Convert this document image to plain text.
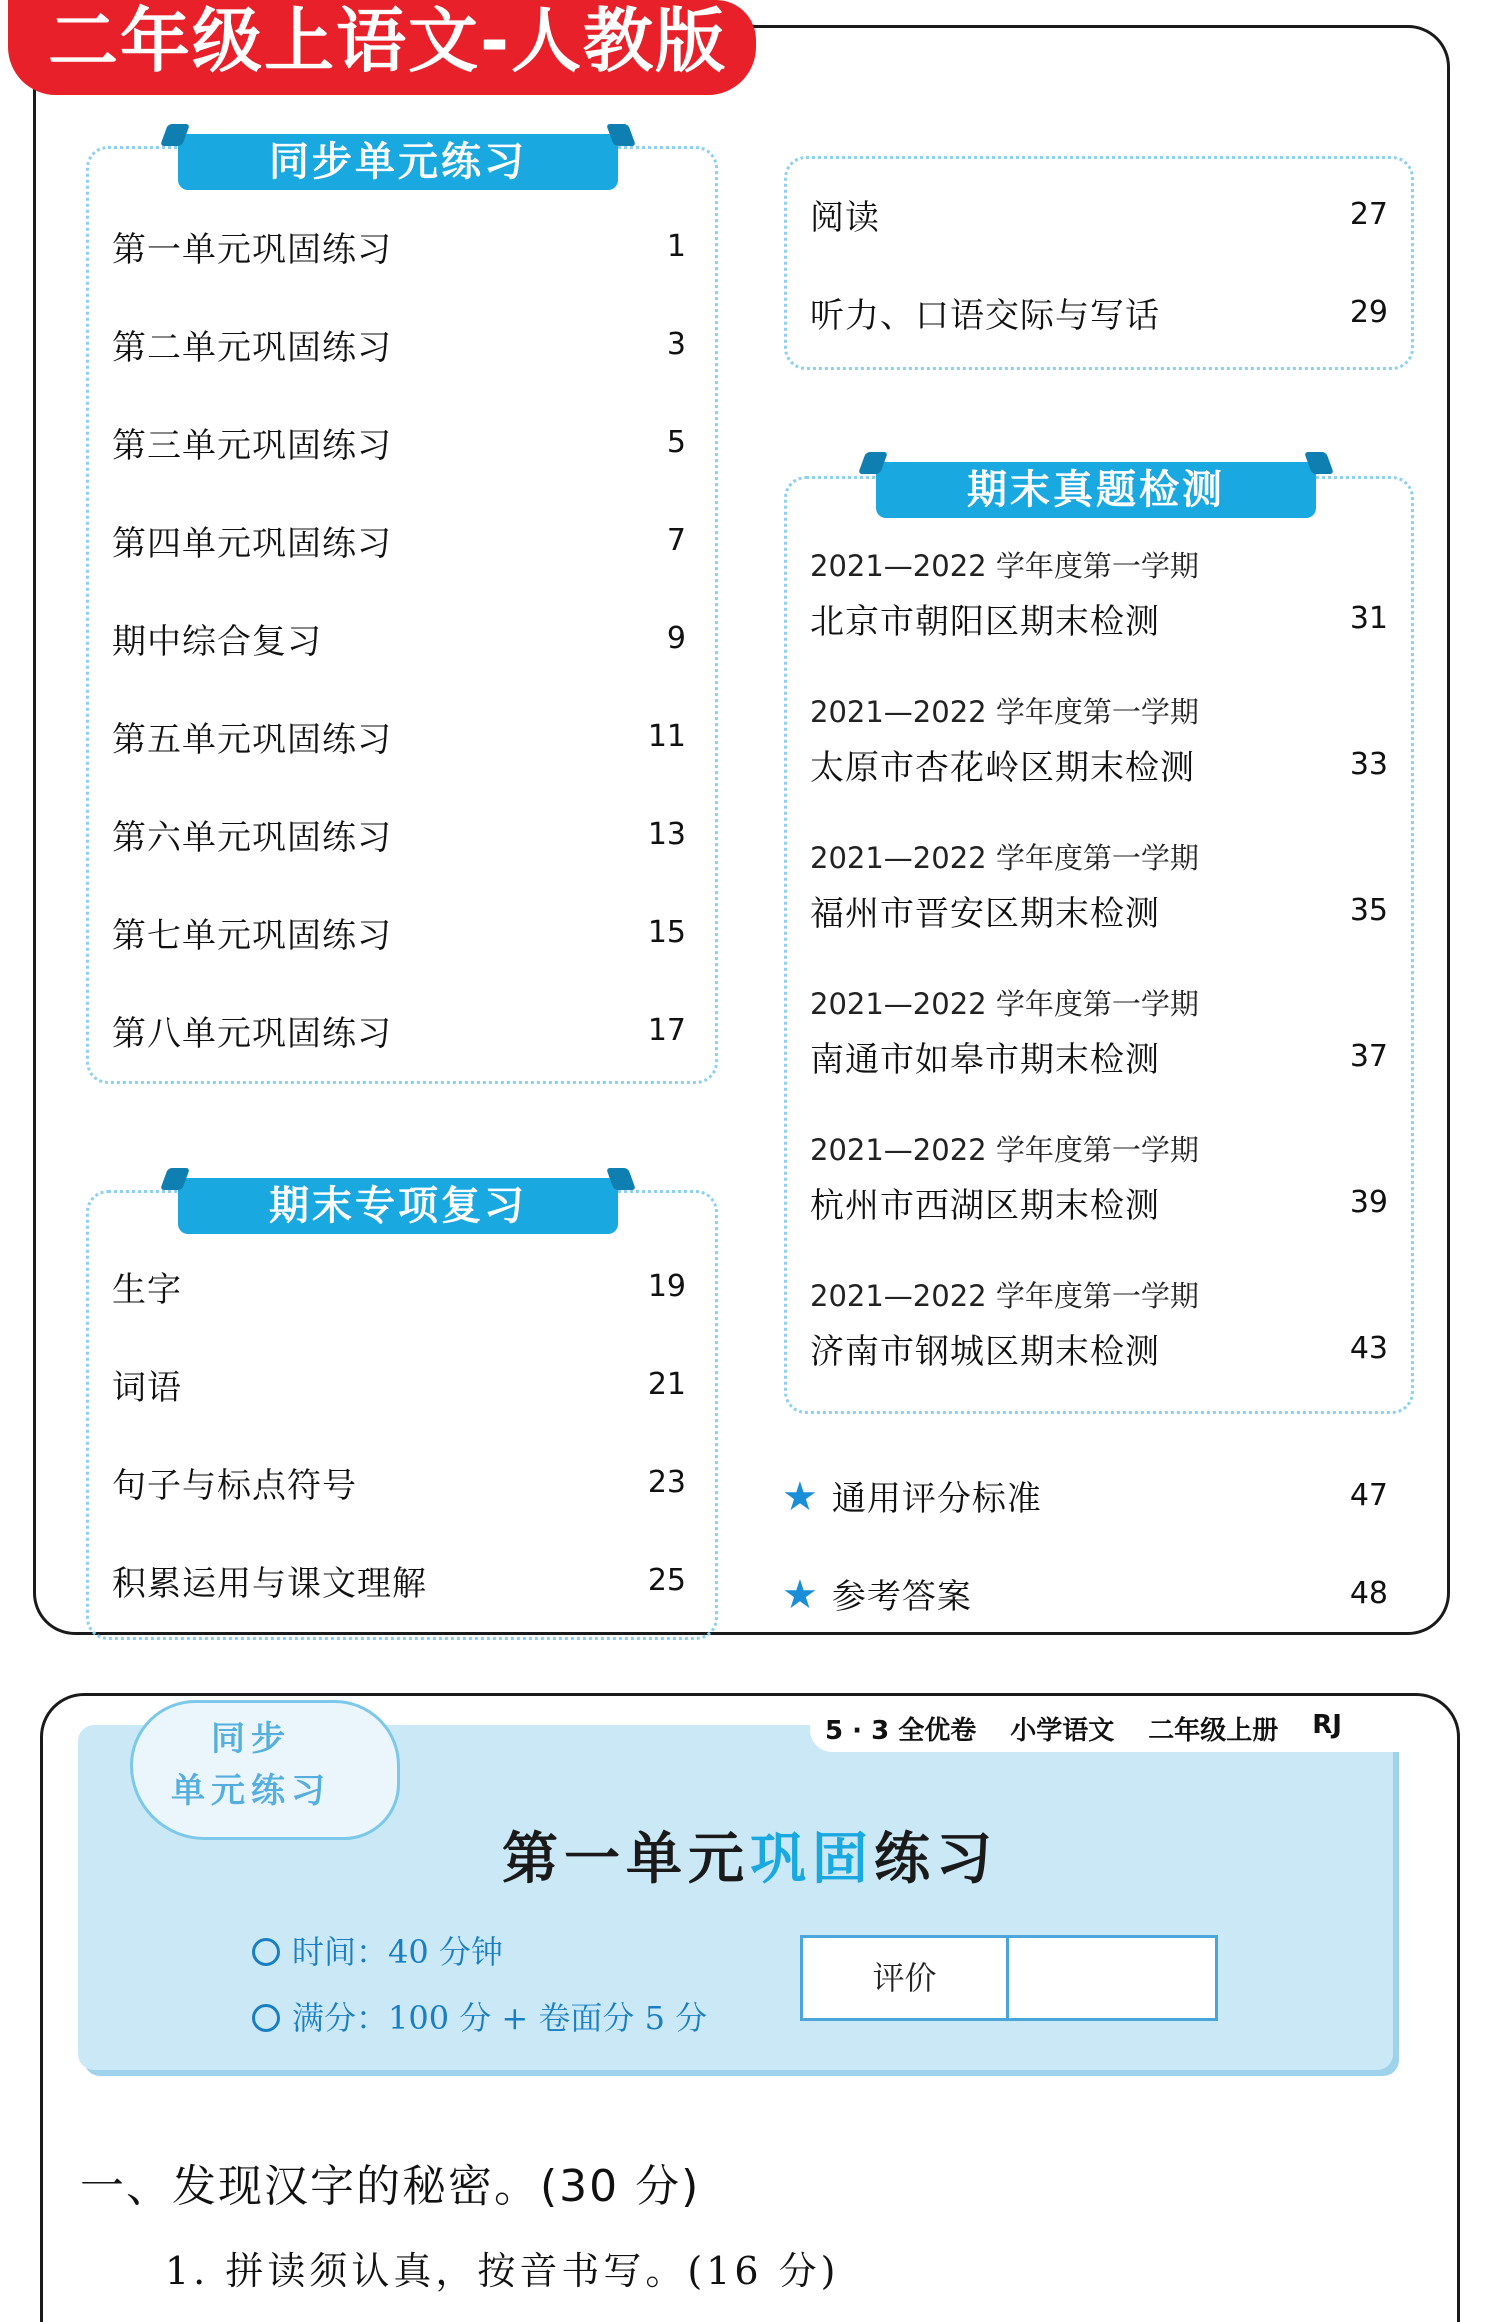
二年级上语文-人教版
同步单元练习
第一单元巩固练习	1
第二单元巩固练习	3
第三单元巩固练习	5
第四单元巩固练习	7
期中综合复习	9
第五单元巩固练习	11
第六单元巩固练习	13
第七单元巩固练习	15
第八单元巩固练习	17
期末专项复习
生字	19
词语	21
句子与标点符号	23
积累运用与课文理解	25
阅读	27
听力、口语交际与写话	29
期末真题检测
2021—2022 学年度第一学期
北京市朝阳区期末检测	31
2021—2022 学年度第一学期
太原市杏花岭区期末检测	33
2021—2022 学年度第一学期
福州市晋安区期末检测	35
2021—2022 学年度第一学期
南通市如皋市期末检测	37
2021—2022 学年度第一学期
杭州市西湖区期末检测	39
2021—2022 学年度第一学期
济南市钢城区期末检测	43
★ 通用评分标准	47
★ 参考答案	48
5 · 3 全优卷 小学语文 二年级上册 RJ
同步
单元练习
第一单元巩固练习
时间：40 分钟
满分：100 分 + 卷面分 5 分
评价
一、发现汉字的秘密。(30 分)
1. 拼读须认真，按音书写。(16 分)
